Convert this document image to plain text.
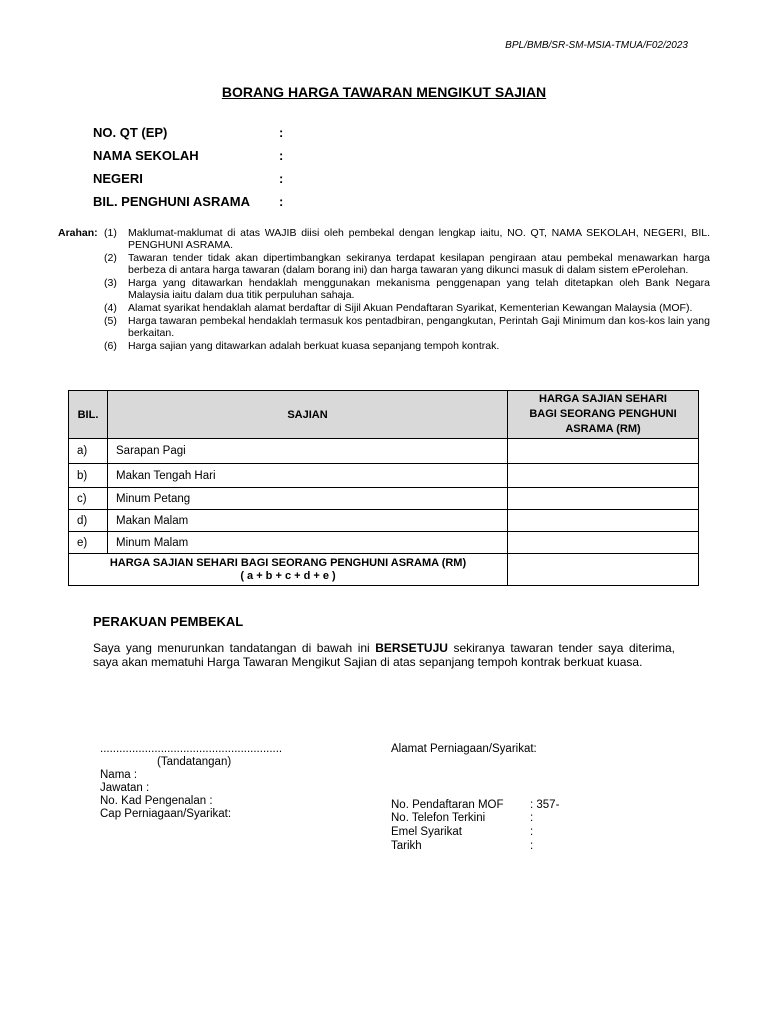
BPL/BMB/SR-SM-MSIA-TMUA/F02/2023
BORANG HARGA TAWARAN MENGIKUT SAJIAN
NO. QT (EP)	:
NAMA SEKOLAH	:
NEGERI	:
BIL. PENGHUNI ASRAMA :
Arahan: (1) Maklumat-maklumat di atas WAJIB diisi oleh pembekal dengan lengkap iaitu, NO. QT, NAMA SEKOLAH, NEGERI, BIL. PENGHUNI ASRAMA.
(2) Tawaran tender tidak akan dipertimbangkan sekiranya terdapat kesilapan pengiraan atau pembekal menawarkan harga berbeza di antara harga tawaran (dalam borang ini) dan harga tawaran yang dikunci masuk di dalam sistem ePerolehan.
(3) Harga yang ditawarkan hendaklah menggunakan mekanisma penggenapan yang telah ditetapkan oleh Bank Negara Malaysia iaitu dalam dua titik perpuluhan sahaja.
(4) Alamat syarikat hendaklah alamat berdaftar di Sijil Akuan Pendaftaran Syarikat, Kementerian Kewangan Malaysia (MOF).
(5) Harga tawaran pembekal hendaklah termasuk kos pentadbiran, pengangkutan, Perintah Gaji Minimum dan kos-kos lain yang berkaitan.
(6) Harga sajian yang ditawarkan adalah berkuat kuasa sepanjang tempoh kontrak.
BIL.	SAJIAN	HARGA SAJIAN SEHARI
BAGI SEORANG PENGHUNI
ASRAMA (RM)

a)	Sarapan Pagi	
b)	Makan Tengah Hari	
c)	Minum Petang	
d)	Makan Malam	
e)	Minum Malam	

HARGA SAJIAN SEHARI BAGI SEORANG PENGHUNI ASRAMA (RM)
( a + b + c + d + e )		

PERAKUAN PEMBEKAL
Saya yang menurunkan tandatangan di bawah ini BERSETUJU sekiranya tawaran tender saya diterima, saya akan mematuhi Harga Tawaran Mengikut Sajian di atas sepanjang tempoh kontrak berkuat kuasa.
.........................................................
(Tandatangan)
Nama :
Jawatan :
No. Kad Pengenalan :
Cap Perniagaan/Syarikat:
Alamat Perniagaan/Syarikat:
No. Pendaftaran MOF : 357-
No. Telefon Terkini	:
Emel Syarikat	:
Tarikh	:
